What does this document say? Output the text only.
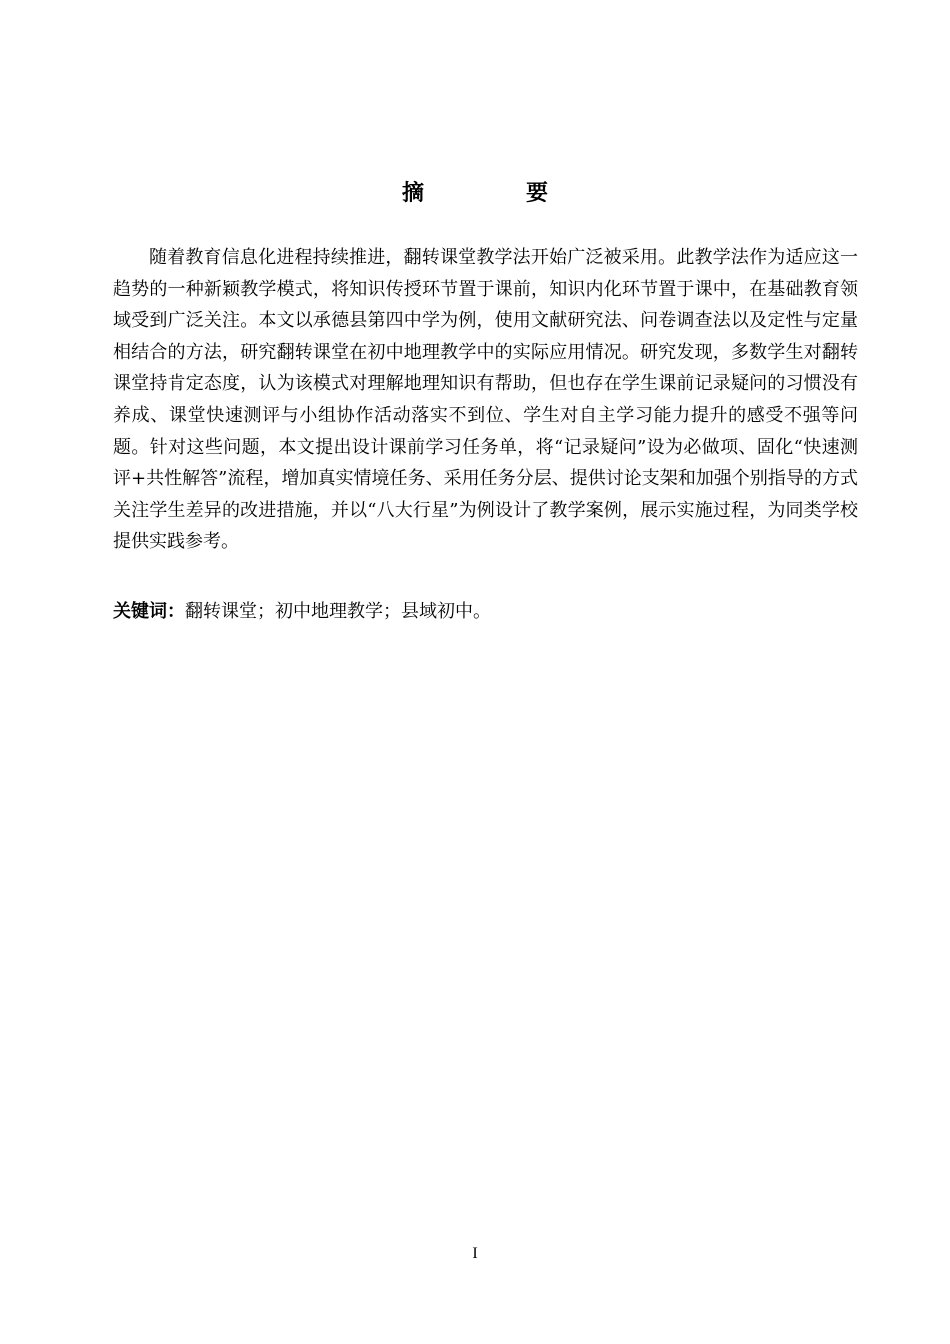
摘　要

随着教育信息化进程持续推进，翻转课堂教学法开始广泛被采用。此教学法作为适应这一趋势的一种新颖教学模式，将知识传授环节置于课前，知识内化环节置于课中，在基础教育领域受到广泛关注。本文以承德县第四中学为例，使用文献研究法、问卷调查法以及定性与定量相结合的方法，研究翻转课堂在初中地理教学中的实际应用情况。研究发现，多数学生对翻转课堂持肯定态度，认为该模式对理解地理知识有帮助，但也存在学生课前记录疑问的习惯没有养成、课堂快速测评与小组协作活动落实不到位、学生对自主学习能力提升的感受不强等问题。针对这些问题，本文提出设计课前学习任务单，将“记录疑问”设为必做项、固化“快速测评+共性解答”流程，增加真实情境任务、采用任务分层、提供讨论支架和加强个别指导的方式关注学生差异的改进措施，并以“八大行星”为例设计了教学案例，展示实施过程，为同类学校提供实践参考。

关键词：翻转课堂；初中地理教学；县域初中。

I
